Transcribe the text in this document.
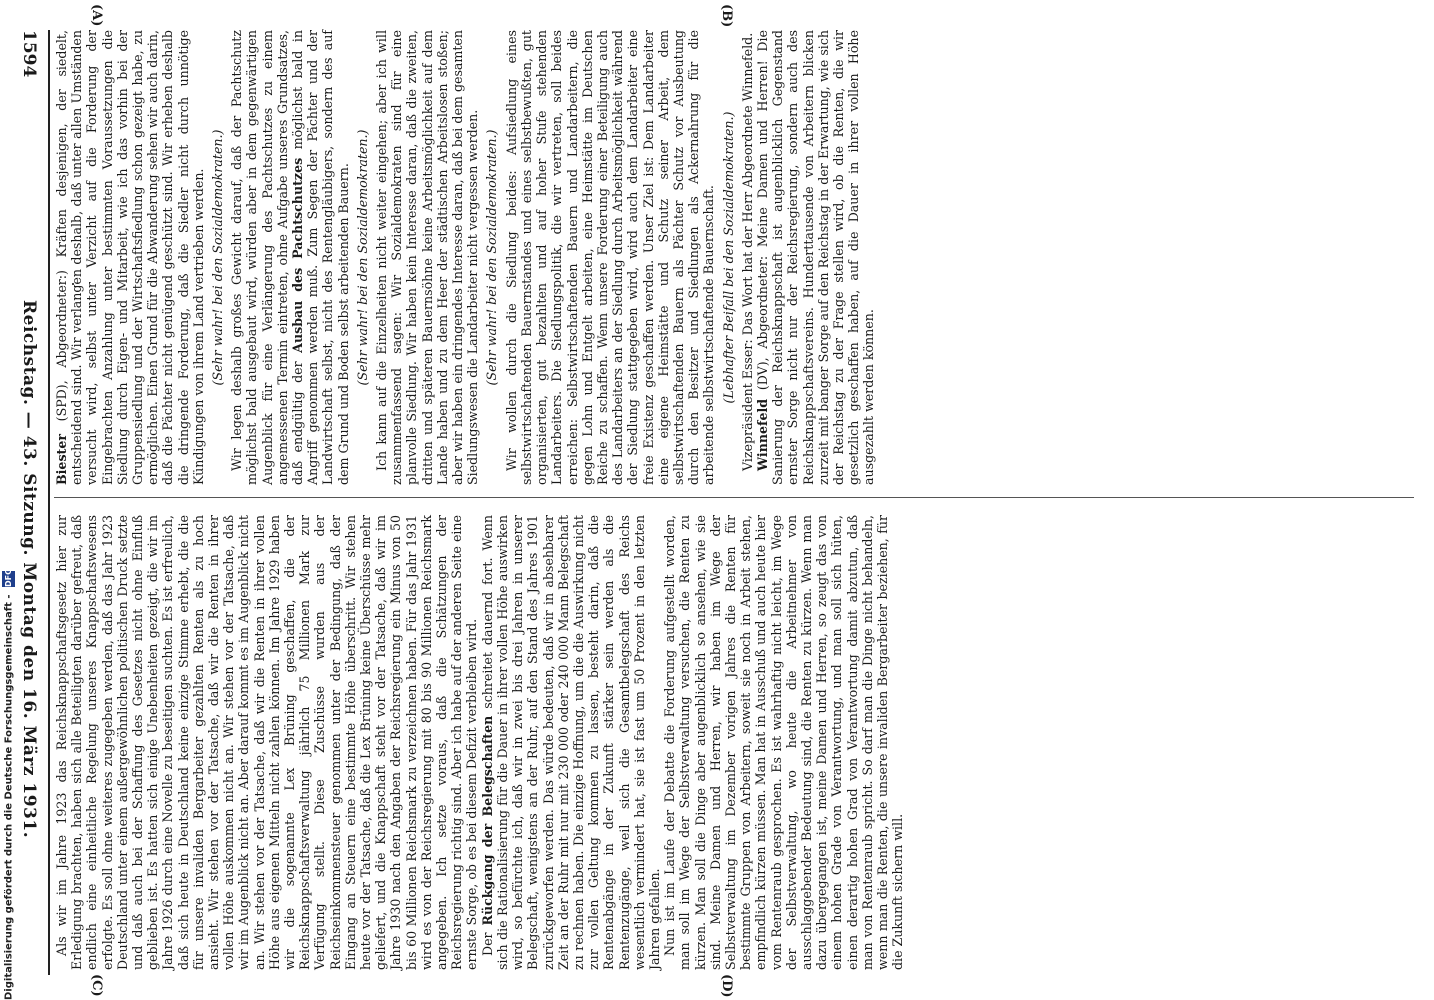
Digitalisierung gefördert durch die Deutsche Forschungsgemeinschaft - DFG
1594
Reichstag. — 43. Sitzung. Montag den 16. März 1931.
(A)	(B)
(C)	(D)

Biester (SPD), Abgeordneter:) Kräften desjenigen, der siedelt, entscheidend sind. Wir verlangen deshalb, daß unter allen Umständen versucht wird, selbst unter Verzicht auf die Forderung der Eingebrachten Anzahlung unter bestimmten Voraussetzungen die Siedlung durch Eigen- und Mitarbeit, wie ich das vorhin bei der Gruppensiedlung und der Wirtschaftsfiedlung schon gezeigt habe, zu ermöglichen. Einen Grund für die Abwanderung sehen wir auch darin, daß die Pächter nicht genügend geschützt sind. Wir erheben deshalb die dringende Forderung, daß die Siedler nicht durch unnötige Kündigungen von ihrem Land vertrieben werden. (Sehr wahr! bei den Sozialdemokraten.) Wir legen deshalb großes Gewicht darauf, daß der Pachtschutz möglichst bald ausgebaut wird, würden aber in dem gegenwärtigen Augenblick für eine Verlängerung des Pachtschutzes zu einem angemessenen Termin eintreten, ohne Aufgabe unseres Grundsatzes, daß endgültig der Ausbau des Pachtschutzes möglichst bald in Angriff genommen werden muß. Zum Segen der Pächter und der Landwirtschaft selbst, nicht des Rentengläubigers, sondern des auf dem Grund und Boden selbst arbeitenden Bauern. (Sehr wahr! bei den Sozialdemokraten.) Ich kann auf die Einzelheiten nicht weiter eingehen; aber ich will zusammenfassend sagen: Wir Sozialdemokraten sind für eine planvolle Siedlung. Wir haben kein Interesse daran, daß die zweiten, dritten und späteren Bauernsöhne keine Arbeitsmöglichkeit auf dem Lande haben und zu dem Heer der städtischen Arbeitslosen stoßen; aber wir haben ein dringendes Interesse daran, daß bei dem gesamten Siedlungswesen die Landarbeiter nicht vergessen werden. (Sehr wahr! bei den Sozialdemokraten.) Wir wollen durch die Siedlung beides: Aufsiedlung eines selbstwirtschaftenden Bauernstandes und eines selbstbewußten, gut organisierten, gut bezahlten und auf hoher Stufe stehenden Landarbeiters. Die Siedlungspolitik, die wir vertreten, soll beides erreichen: Selbstwirtschaftenden Bauern und Landarbeitern, die gegen Lohn und Entgelt arbeiten, eine Heimstätte im Deutschen Reiche zu schaffen. Wenn unsere Forderung einer Beteiligung auch des Landarbeiters an der Siedlung durch Arbeitsmöglichkeit während der Siedlung stattgegeben wird, wird auch dem Landarbeiter eine freie Existenz geschaffen werden. Unser Ziel ist: Dem Landarbeiter eine eigene Heimstätte und Schutz seiner Arbeit, dem selbstwirtschaftenden Bauern als Pächter Schutz vor Ausbeutung durch den Besitzer und Siedlungen als Ackernahrung für die arbeitende selbstwirtschaftende Bauernschaft. (Lebhafter Beifall bei den Sozialdemokraten.)

Vizepräsident Esser: Das Wort hat der Herr Abgeordnete Winnefeld.

Winnefeld (DV), Abgeordneter: Meine Damen und Herren! Die Sanierung der Reichsknappschaft ist augenblicklich Gegenstand ernster Sorge nicht nur der Reichsregierung, sondern auch des Reichsknappschaftsvereins. Hunderttausende von Arbeitern blicken zurzeit mit banger Sorge auf den Reichstag in der Erwartung, wie sich der Reichstag zu der Frage stellen wird, ob die Renten, die wir gesetzlich geschaffen haben, auf die Dauer in ihrer vollen Höhe ausgezahlt werden können.

Als wir im Jahre 1923 das Reichsknappschaftsgesetz hier zur Erledigung brachten, haben sich alle Beteiligten darüber gefreut, daß endlich eine einheitliche Regelung unseres Knappschaftswesens erfolgte. Es soll ohne weiteres zugegeben werden, daß das Jahr 1923 Deutschland unter einem außergewöhnlichen politischen Druck setzte und daß auch bei der Schaffung des Gesetzes nicht ohne Einfluß geblieben ist. Es hatten sich einige Unebenheiten gezeigt, die wir im Jahre 1926 durch eine Novelle zu beseitigen suchten. Es ist erfreulich, daß sich heute in Deutschland keine einzige Stimme erhebt, die die für unsere invaliden Bergarbeiter gezahlten Renten als zu hoch ansieht. Wir stehen vor der Tatsache, daß wir die Renten in ihrer vollen Höhe auskommen nicht an. Wir stehen vor der Tatsache, daß wir im Augenblick nicht an. Aber darauf kommt es im Augenblick nicht an. Wir stehen vor der Tatsache, daß wir die Renten in ihrer vollen Höhe aus eigenen Mitteln nicht zahlen können. Im Jahre 1929 haben wir die sogenannte Lex Brüning geschaffen, die der Reichsknappschaftsverwaltung jährlich 75 Millionen Mark zur Verfügung stellt. Diese Zuschüsse wurden aus der Reichseinkommensteuer genommen unter der Bedingung, daß der Eingang an Steuern eine bestimmte Höhe überschritt. Wir stehen heute vor der Tatsache, daß die Lex Brüning keine Überschüsse mehr geliefert, und die Knappschaft steht vor der Tatsache, daß wir im Jahre 1930 nach den Angaben der Reichsregierung ein Minus von 50 bis 60 Millionen Reichsmark zu verzeichnen haben. Für das Jahr 1931 wird es von der Reichsregierung mit 80 bis 90 Millionen Reichsmark angegeben. Ich setze voraus, daß die Schätzungen der Reichsregierung richtig sind. Aber ich habe auf der anderen Seite eine ernste Sorge, ob es bei diesem Defizit verbleiben wird. Der Rückgang der Belegschaften schreitet dauernd fort. Wenn sich die Rationalisierung für die Dauer in ihrer vollen Höhe auswirken wird, so befürchte ich, daß wir in zwei bis drei Jahren in unserer Belegschaft, wenigstens an der Ruhr, auf den Stand des Jahres 1901 zurückgeworfen werden. Das würde bedeuten, daß wir in absehbarer Zeit an der Ruhr mit nur mit 230 000 oder 240 000 Mann Belegschaft zu rechnen haben. Die einzige Hoffnung, um die die Auswirkung nicht zur vollen Geltung kommen zu lassen, besteht darin, daß die Rentenabgänge in der Zukunft stärker sein werden als die Rentenzugänge, weil sich die Gesamtbelegschaft des Reichs wesentlich vermindert hat, sie ist fast um 50 Prozent in den letzten Jahren gefallen. Nun ist im Laufe der Debatte die Forderung aufgestellt worden, man soll im Wege der Selbstverwaltung versuchen, die Renten zu kürzen. Man soll die Dinge aber augenblicklich so ansehen, wie sie sind. Meine Damen und Herren, wir haben im Wege der Selbstverwaltung im Dezember vorigen Jahres die Renten für bestimmte Gruppen von Arbeitern, soweit sie noch in Arbeit stehen, empfindlich kürzen müssen. Man hat in Ausschuß und auch heute hier vom Rentenraub gesprochen. Es ist wahrhaftig nicht leicht, im Wege der Selbstverwaltung, wo heute die Arbeitnehmer von ausschlaggebender Bedeutung sind, die Renten zu kürzen. Wenn man dazu übergegangen ist, meine Damen und Herren, so zeugt das von einem hohen Grade von Verantwortung, und man soll sich hüten, einen derartig hohen Grad von Verantwortung damit abzutun, daß man von Rentenraub spricht. So darf man die Dinge nicht behandeln, wenn man die Renten, die unsere invaliden Bergarbeiter beziehen, für die Zukunft sichern will.
